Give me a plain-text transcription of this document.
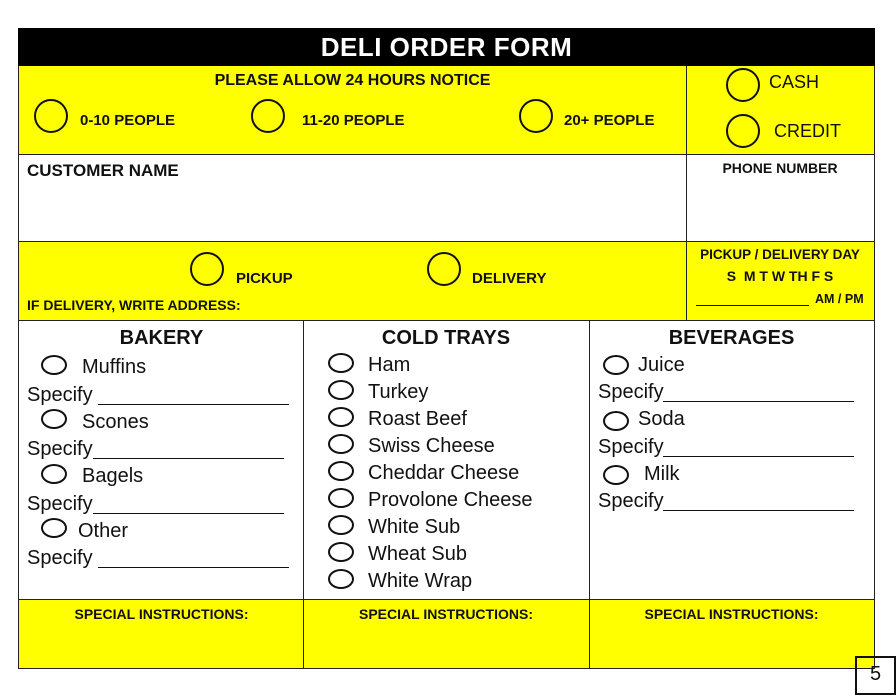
DELI ORDER FORM
PLEASE ALLOW 24 HOURS NOTICE
0-10 PEOPLE	11-20 PEOPLE	20+ PEOPLE
CASH
CREDIT
CUSTOMER NAME	PHONE NUMBER
PICKUP	DELIVERY
IF DELIVERY, WRITE ADDRESS:
PICKUP / DELIVERY DAY
S  M T W TH F S
AM / PM
BAKERY
Muffins
Specify
Scones
Specify
Bagels
Specify
Other
Specify
COLD TRAYS
Ham
Turkey
Roast Beef
Swiss Cheese
Cheddar Cheese
Provolone Cheese
White Sub
Wheat Sub
White Wrap
BEVERAGES
Juice
Specify
Soda
Specify
Milk
Specify
SPECIAL INSTRUCTIONS:	SPECIAL INSTRUCTIONS:	SPECIAL INSTRUCTIONS:
5
